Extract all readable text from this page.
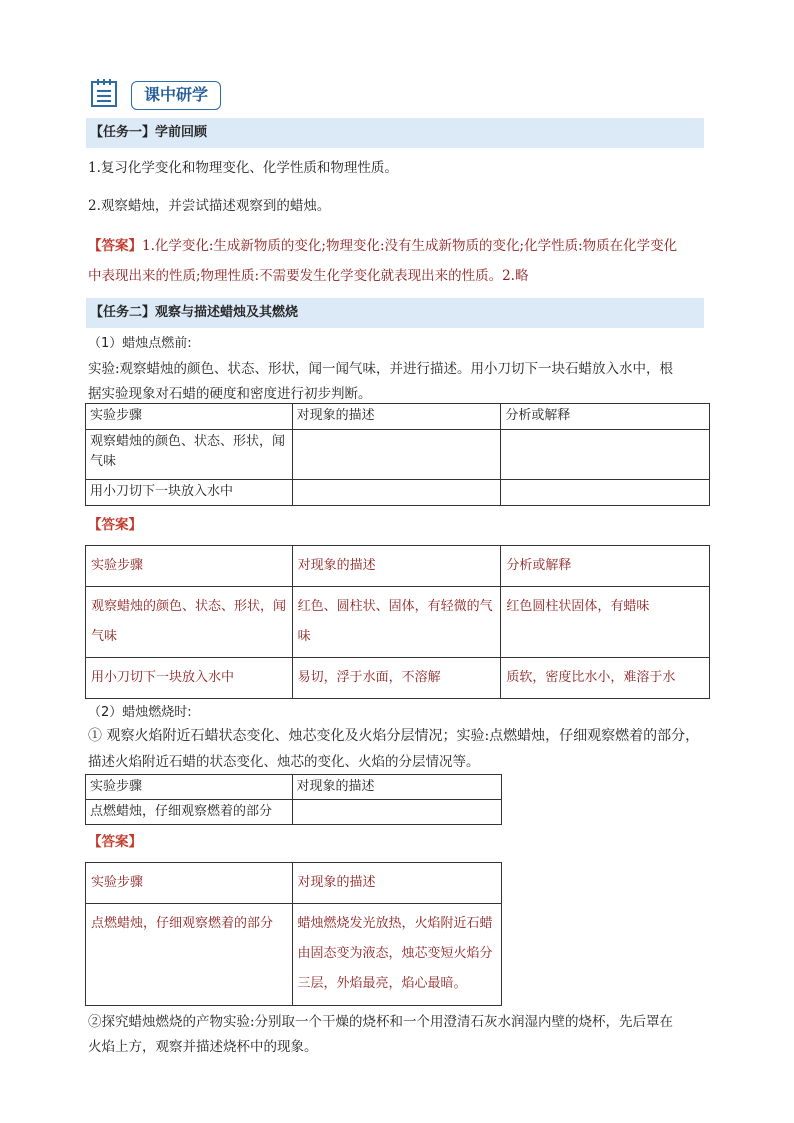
课中研学
【任务一】学前回顾
1.复习化学变化和物理变化、化学性质和物理性质。
2.观察蜡烛，并尝试描述观察到的蜡烛。
【答案】1.化学变化:生成新物质的变化;物理变化:没有生成新物质的变化;化学性质:物质在化学变化
中表现出来的性质;物理性质:不需要发生化学变化就表现出来的性质。2.略
【任务二】观察与描述蜡烛及其燃烧
（1）蜡烛点燃前:
实验:观察蜡烛的颜色、状态、形状，闻一闻气味，并进行描述。用小刀切下一块石蜡放入水中，根
据实验现象对石蜡的硬度和密度进行初步判断。
实验步骤	对现象的描述	分析或解释
观察蜡烛的颜色、状态、形状，闻气味		
用小刀切下一块放入水中		
【答案】
实验步骤	对现象的描述	分析或解释
观察蜡烛的颜色、状态、形状，闻气味	红色、圆柱状、固体，有轻微的气味	红色圆柱状固体，有蜡味
用小刀切下一块放入水中	易切，浮于水面，不溶解	质软，密度比水小，难溶于水
（2）蜡烛燃烧时:
① 观察火焰附近石蜡状态变化、烛芯变化及火焰分层情况；实验:点燃蜡烛，仔细观察燃着的部分，
描述火焰附近石蜡的状态变化、烛芯的变化、火焰的分层情况等。
实验步骤	对现象的描述
点燃蜡烛，仔细观察燃着的部分	
【答案】
实验步骤	对现象的描述
点燃蜡烛，仔细观察燃着的部分	蜡烛燃烧发光放热，火焰附近石蜡由固态变为液态，烛芯变短火焰分三层，外焰最亮，焰心最暗。
②探究蜡烛燃烧的产物实验:分别取一个干燥的烧杯和一个用澄清石灰水润湿内壁的烧杯，先后罩在
火焰上方，观察并描述烧杯中的现象。
